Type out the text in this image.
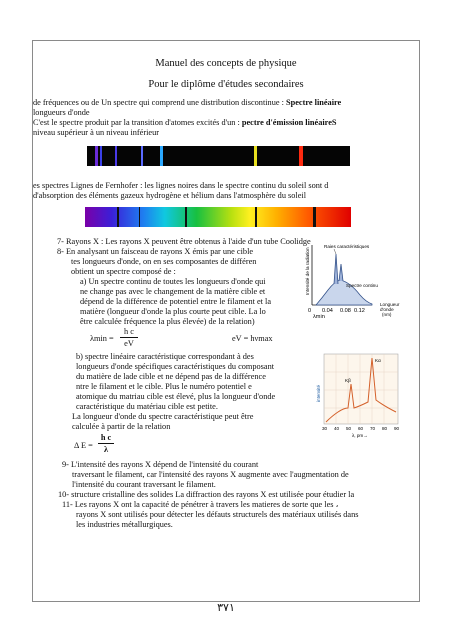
Manuel des concepts de physique
Pour le diplôme d'études secondaires
de fréquences ou de Un spectre qui comprend une distribution discontinue : Spectre linéaire
longueurs d'onde
C'est le spectre produit par la transition d'atomes excités d'un : pectre d'émission linéaireS
niveau supérieur à un niveau inférieur
es spectres Lignes de Fernhofer : les lignes noires dans le spectre continu du soleil sont d
d'absorption des éléments gazeux hydrogène et hélium dans l'atmosphère du soleil
7- Rayons X : Les rayons X peuvent être obtenus à l'aide d'un tube Coolidge
8- En analysant un faisceau de rayons X émis par une cible
tes longueurs d'onde, on en ses composantes de différen
obtient un spectre composé de :
a) Un spectre continu de toutes les longueurs d'onde qui
ne change pas avec le changement de la matière cible et
dépend de la différence de potentiel entre le filament et la
matière (longueur d'onde la plus courte peut cible. La lo
être calculée fréquence la plus élevée) de la relation)
λmin =
h c
eV
eV = hνmax
b) spectre linéaire caractéristique correspondant à des
longueurs d'onde spécifiques caractéristiques du composant
du matière de lade cible et ne dépend pas de la différence
ntre le filament et le cible. Plus le numéro potentiel e
atomique du matriau cible est élevé, plus la longueur d'onde
caractéristique du matériau cible est petite.
La longueur d'onde du spectre caractéristique peut être
calculée à partir de la relation
Δ E =
h c
λ
9- L'intensité des rayons X dépend de l'intensité du courant
traversant le filament, car l'intensité des rayons X augmente avec l'augmentation de
l'intensité du courant traversant le filament.
10- structure cristalline des solides La diffraction des rayons X est utilisée pour étudier la
11- Les rayons X ont la capacité de pénétrer à travers les matieres de sorte que les ،
rayons X sont utilisés pour détecter les défauts structurels des matériaux utilisés dans
les industries métallurgiques.
Raies caractéristiques
Intensité de la radiation	Spectre continu
0
λmin
0.04 0.08 0.12
Longueur
d'onde
(nm)
Kα
Kβ
intensité
30 40 50 60 70 80 90
λ, pm→
٣٧١
